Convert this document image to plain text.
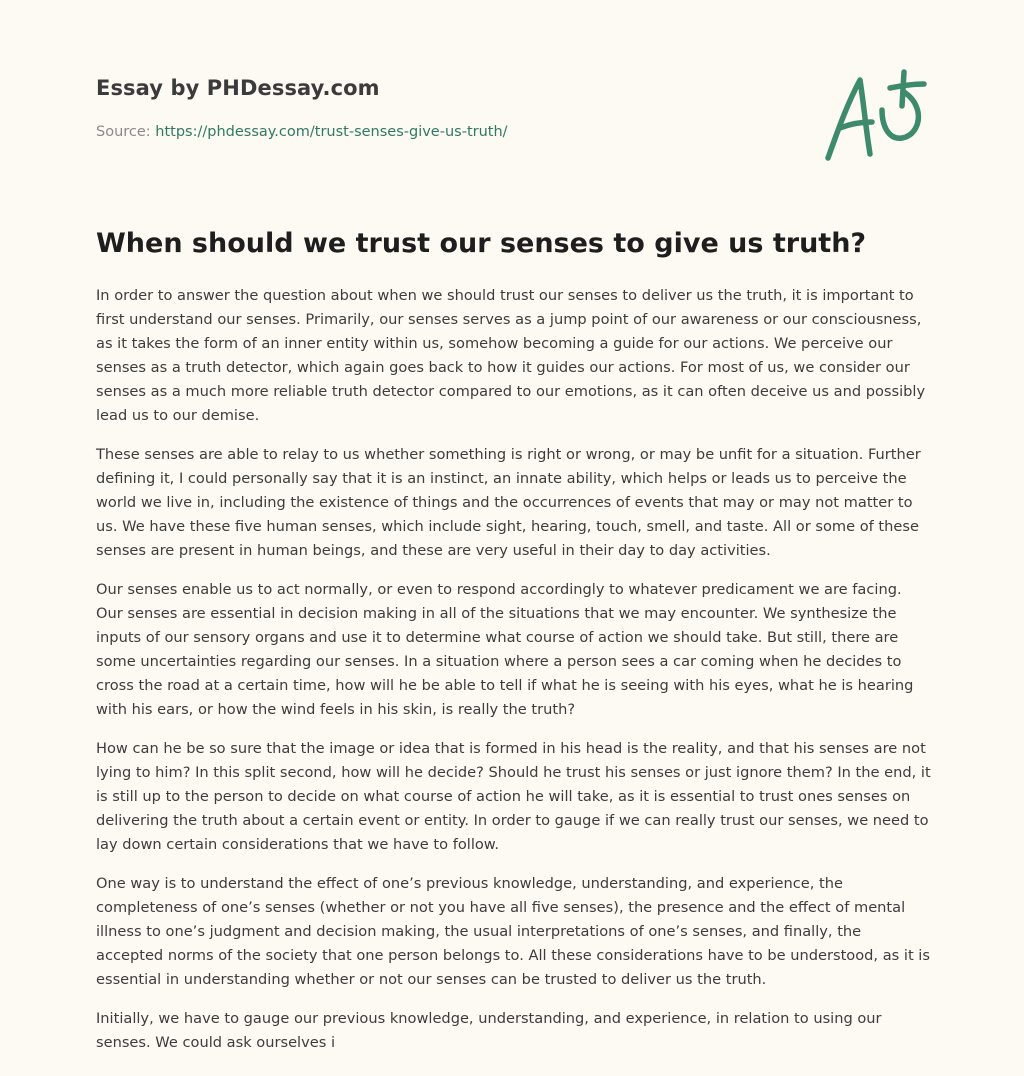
Essay by PHDessay.com

Source: https://phdessay.com/trust-senses-give-us-truth/

When should we trust our senses to give us truth?

In order to answer the question about when we should trust our senses to deliver us the truth, it is important to first understand our senses. Primarily, our senses serves as a jump point of our awareness or our consciousness, as it takes the form of an inner entity within us, somehow becoming a guide for our actions. We perceive our senses as a truth detector, which again goes back to how it guides our actions. For most of us, we consider our senses as a much more reliable truth detector compared to our emotions, as it can often deceive us and possibly lead us to our demise.

These senses are able to relay to us whether something is right or wrong, or may be unfit for a situation. Further defining it, I could personally say that it is an instinct, an innate ability, which helps or leads us to perceive the world we live in, including the existence of things and the occurrences of events that may or may not matter to us. We have these five human senses, which include sight, hearing, touch, smell, and taste. All or some of these senses are present in human beings, and these are very useful in their day to day activities.

Our senses enable us to act normally, or even to respond accordingly to whatever predicament we are facing. Our senses are essential in decision making in all of the situations that we may encounter. We synthesize the inputs of our sensory organs and use it to determine what course of action we should take. But still, there are some uncertainties regarding our senses. In a situation where a person sees a car coming when he decides to cross the road at a certain time, how will he be able to tell if what he is seeing with his eyes, what he is hearing with his ears, or how the wind feels in his skin, is really the truth?

How can he be so sure that the image or idea that is formed in his head is the reality, and that his senses are not lying to him? In this split second, how will he decide? Should he trust his senses or just ignore them? In the end, it is still up to the person to decide on what course of action he will take, as it is essential to trust ones senses on delivering the truth about a certain event or entity. In order to gauge if we can really trust our senses, we need to lay down certain considerations that we have to follow.

One way is to understand the effect of one’s previous knowledge, understanding, and experience, the completeness of one’s senses (whether or not you have all five senses), the presence and the effect of mental illness to one’s judgment and decision making, the usual interpretations of one’s senses, and finally, the accepted norms of the society that one person belongs to. All these considerations have to be understood, as it is essential in understanding whether or not our senses can be trusted to deliver us the truth.

Initially, we have to gauge our previous knowledge, understanding, and experience, in relation to using our senses. We could ask ourselves i
